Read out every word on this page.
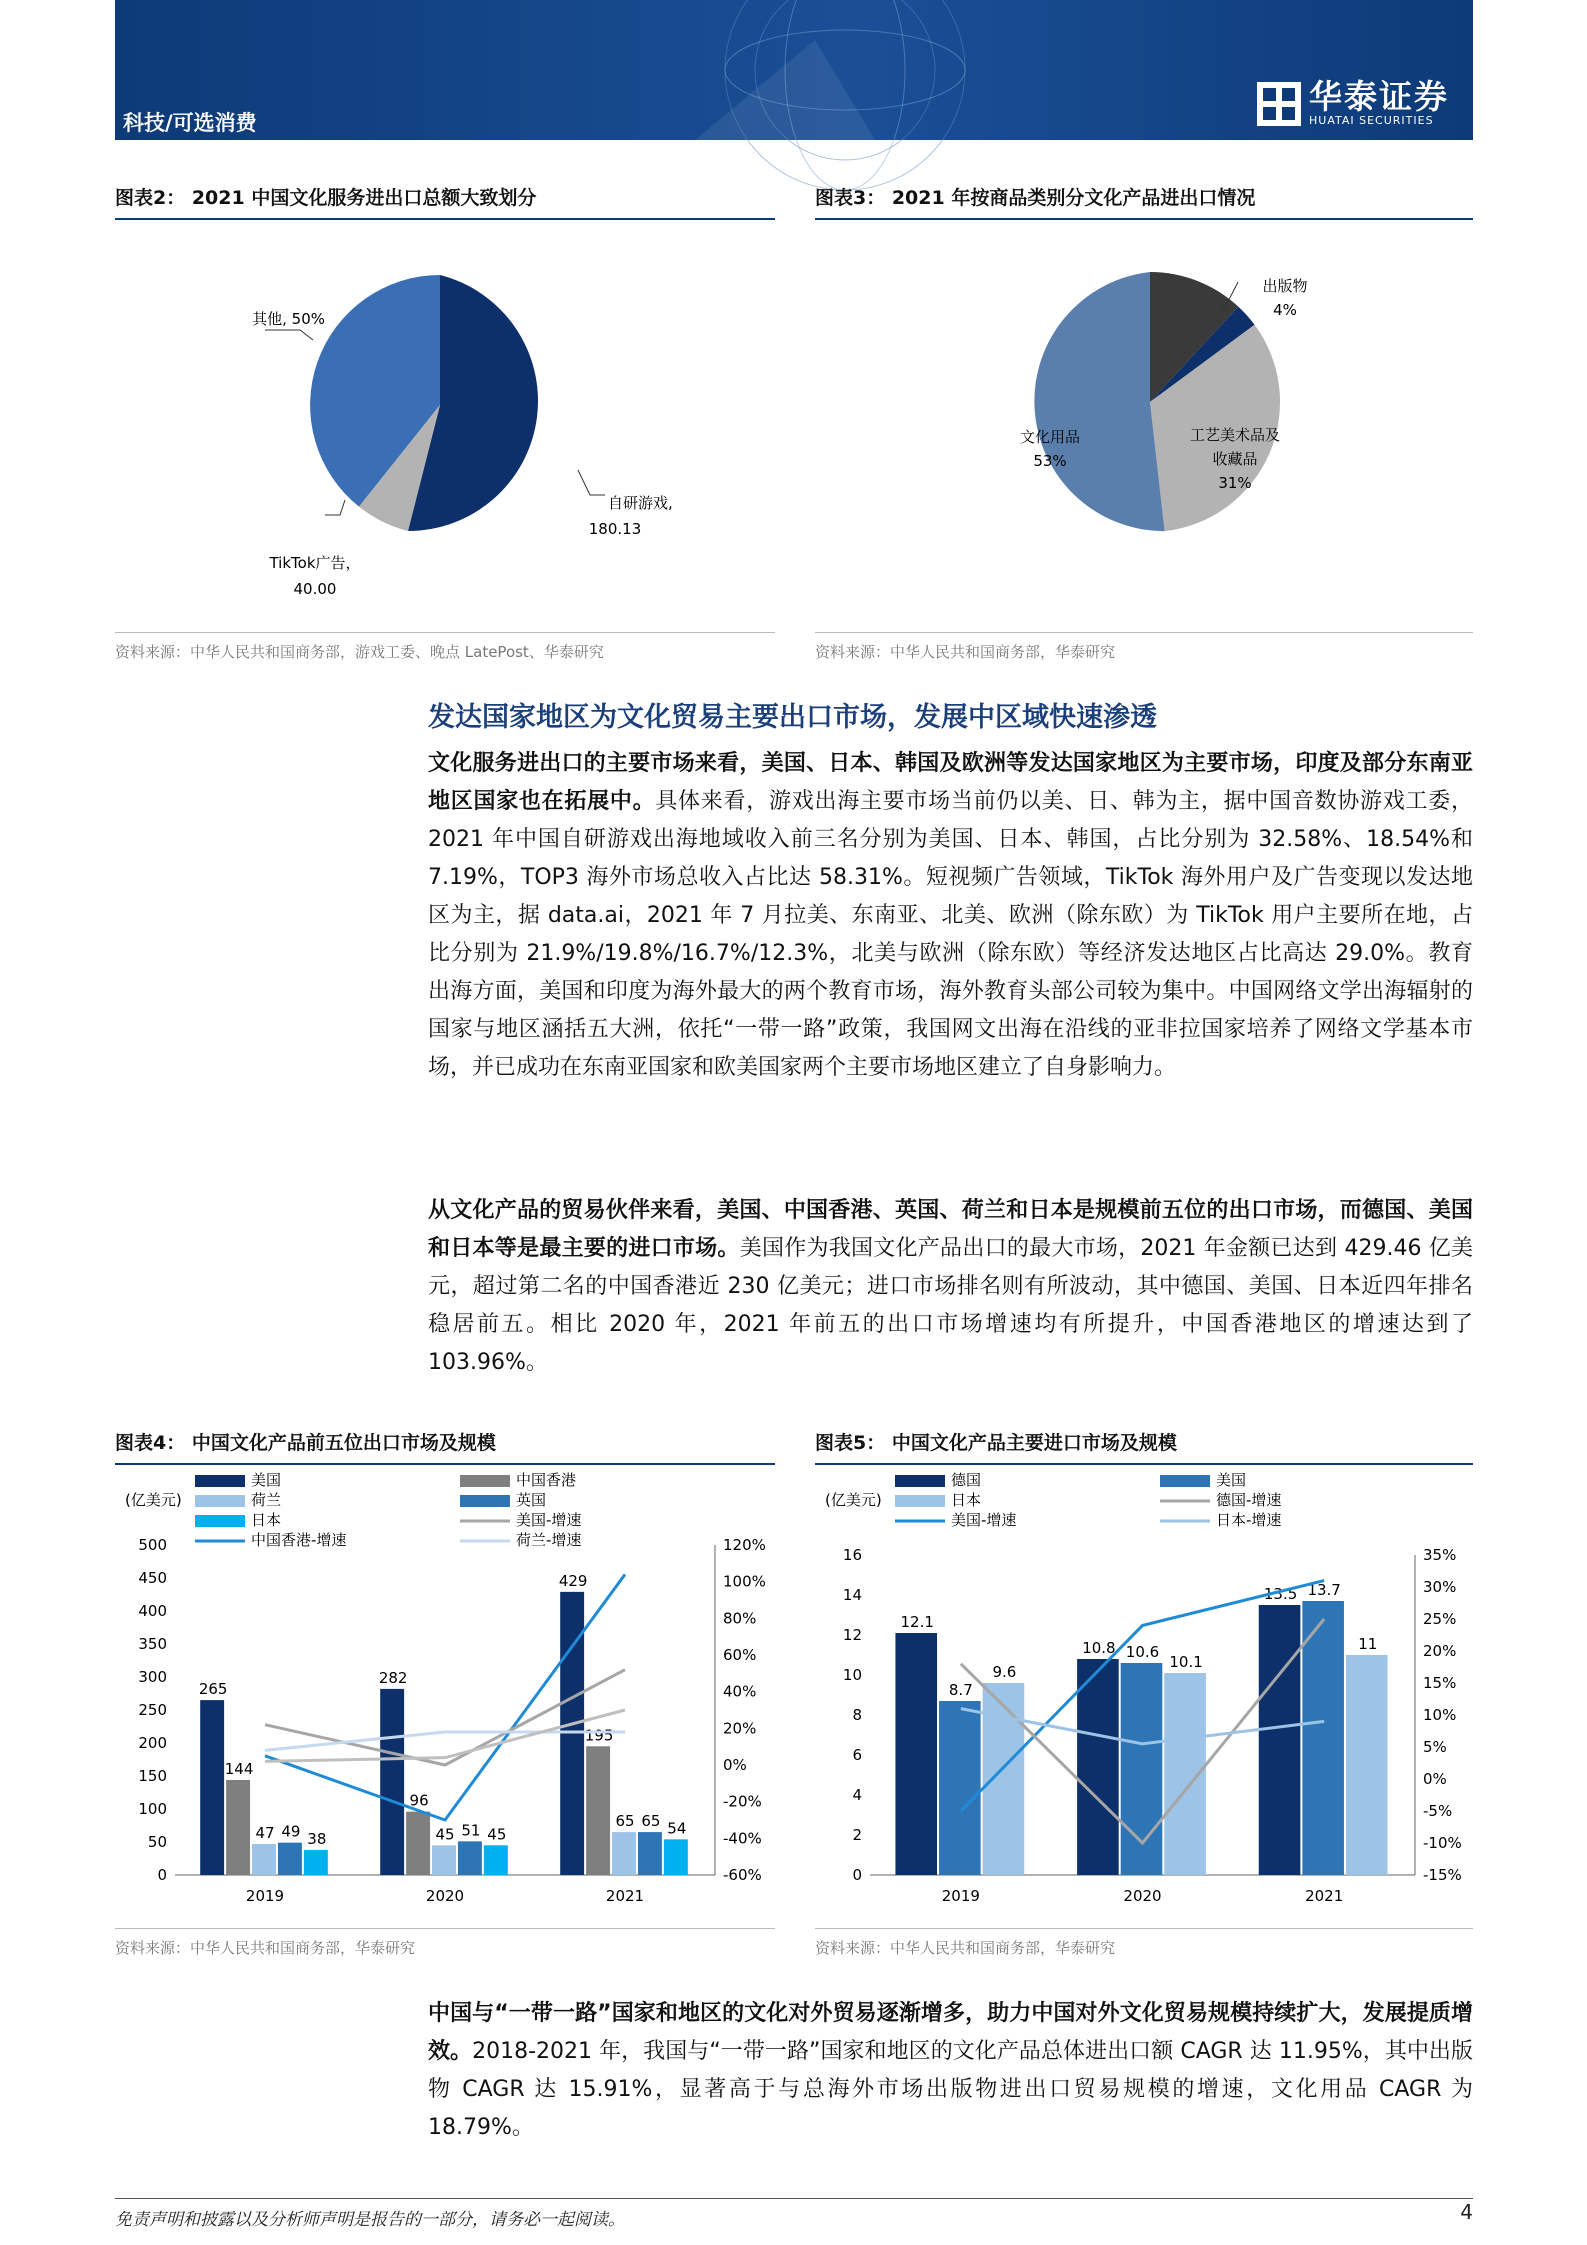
科技/可选消费
华泰证券
HUATAI SECURITIES
图表2： 2021 中国文化服务进出口总额大致划分
其他, 50%
自研游戏,
180.13
TikTok广告，
40.00
资料来源：中华人民共和国商务部，游戏工委、晚点 LatePost、华泰研究
图表3： 2021 年按商品类别分文化产品进出口情况
出版物
4%
工艺美术品及
收藏品
31%
文化用品
53%
资料来源：中华人民共和国商务部，华泰研究
发达国家地区为文化贸易主要出口市场，发展中区域快速渗透
文化服务进出口的主要市场来看，美国、日本、韩国及欧洲等发达国家地区为主要市场，印度及部分东南亚地区国家也在拓展中。具体来看，游戏出海主要市场当前仍以美、日、韩为主，据中国音数协游戏工委，2021 年中国自研游戏出海地域收入前三名分别为美国、日本、韩国，占比分别为 32.58%、18.54%和 7.19%，TOP3 海外市场总收入占比达 58.31%。短视频广告领域，TikTok 海外用户及广告变现以发达地区为主，据 data.ai，2021 年 7 月拉美、东南亚、北美、欧洲（除东欧）为 TikTok 用户主要所在地，占比分别为 21.9%/19.8%/16.7%/12.3%，北美与欧洲（除东欧）等经济发达地区占比高达 29.0%。教育出海方面，美国和印度为海外最大的两个教育市场，海外教育头部公司较为集中。中国网络文学出海辐射的国家与地区涵括五大洲，依托“一带一路”政策，我国网文出海在沿线的亚非拉国家培养了网络文学基本市场，并已成功在东南亚国家和欧美国家两个主要市场地区建立了自身影响力。
从文化产品的贸易伙伴来看，美国、中国香港、英国、荷兰和日本是规模前五位的出口市场，而德国、美国和日本等是最主要的进口市场。美国作为我国文化产品出口的最大市场，2021 年金额已达到 429.46 亿美元，超过第二名的中国香港近 230 亿美元；进口市场排名则有所波动，其中德国、美国、日本近四年排名稳居前五。相比 2020 年，2021 年前五的出口市场增速均有所提升，中国香港地区的增速达到了 103.96%。
图表4： 中国文化产品前五位出口市场及规模
(亿美元)
0
50
100
150
200
250
300
350
400
450
500
-60%
-40%
-20%
0%
20%
40%
60%
80%
100%
120%
265
144
47 49 38
2019
282
96
45 51 45
2020
429
195
65 65 54
2021
美国	中国香港
荷兰	英国
日本	美国-增速
中国香港-增速	荷兰-增速
资料来源：中华人民共和国商务部，华泰研究
图表5： 中国文化产品主要进口市场及规模
(亿美元)
0
2
4
6
8
10
12
14
16
-15%
-10%
-5%
0%
5%
10%
15%
20%
25%
30%
35%
12.1
8.7
9.6
2019
10.8 10.6
10.1
2020
13.5 13.7
11
2021
德国	美国
日本	德国-增速
美国-增速	日本-增速
资料来源：中华人民共和国商务部，华泰研究
中国与“一带一路”国家和地区的文化对外贸易逐渐增多，助力中国对外文化贸易规模持续扩大，发展提质增效。2018-2021 年，我国与“一带一路”国家和地区的文化产品总体进出口额 CAGR 达 11.95%，其中出版物 CAGR 达 15.91%，显著高于与总海外市场出版物进出口贸易规模的增速，文化用品 CAGR 为 18.79%。
免责声明和披露以及分析师声明是报告的一部分，请务必一起阅读。	4
